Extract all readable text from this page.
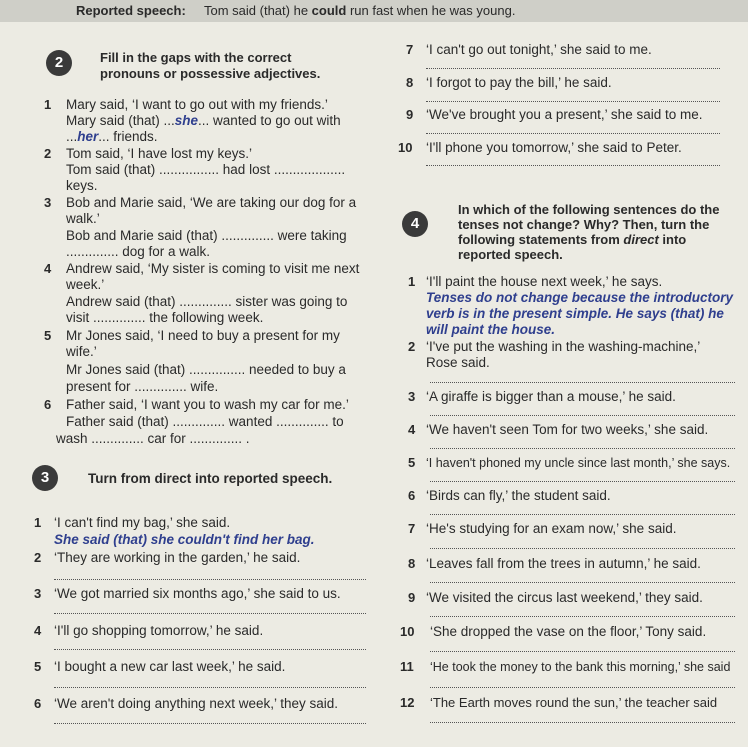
Reported speech: Tom said (that) he could run fast when he was young.
2	Fill in the gaps with the correct
pronouns or possessive adjectives.
1 Mary said, ‘I want to go out with my friends.’
Mary said (that) ...she... wanted to go out with
...her... friends.
2 Tom said, ‘I have lost my keys.’
Tom said (that) ................ had lost ...................
keys.
3 Bob and Marie said, ‘We are taking our dog for a
walk.’
Bob and Marie said (that) .............. were taking
.............. dog for a walk.
4 Andrew said, ‘My sister is coming to visit me next
week.’
Andrew said (that) .............. sister was going to
visit .............. the following week.
5 Mr Jones said, ‘I need to buy a present for my
wife.’
Mr Jones said (that) ............... needed to buy a
present for .............. wife.
6 Father said, ‘I want you to wash my car for me.’
Father said (that) .............. wanted .............. to
wash .............. car for .............. .
3	Turn from direct into reported speech.
1 ‘I can't find my bag,’ she said.
She said (that) she couldn't find her bag.
2 ‘They are working in the garden,’ he said.
3 ‘We got married six months ago,’ she said to us.
4 ‘I'll go shopping tomorrow,’ he said.
5 ‘I bought a new car last week,’ he said.
6 ‘We aren't doing anything next week,’ they said.
7 ‘I can't go out tonight,’ she said to me.
8 ‘I forgot to pay the bill,’ he said.
9 ‘We've brought you a present,’ she said to me.
10 ‘I'll phone you tomorrow,’ she said to Peter.
4
In which of the following sentences do the
tenses not change? Why? Then, turn the
following statements from direct into
reported speech.
1 ‘I'll paint the house next week,’ he says.
Tenses do not change because the introductory
verb is in the present simple. He says (that) he
will paint the house.
2 ‘I've put the washing in the washing-machine,’
Rose said.
3 ‘A giraffe is bigger than a mouse,’ he said.
4 ‘We haven't seen Tom for two weeks,’ she said.
5 ‘I haven't phoned my uncle since last month,’ she says.
6 ‘Birds can fly,’ the student said.
7 ‘He's studying for an exam now,’ she said.
8 ‘Leaves fall from the trees in autumn,’ he said.
9 ‘We visited the circus last weekend,’ they said.
10 ‘She dropped the vase on the floor,’ Tony said.
11 ‘He took the money to the bank this morning,’ she said
12 ‘The Earth moves round the sun,’ the teacher said
